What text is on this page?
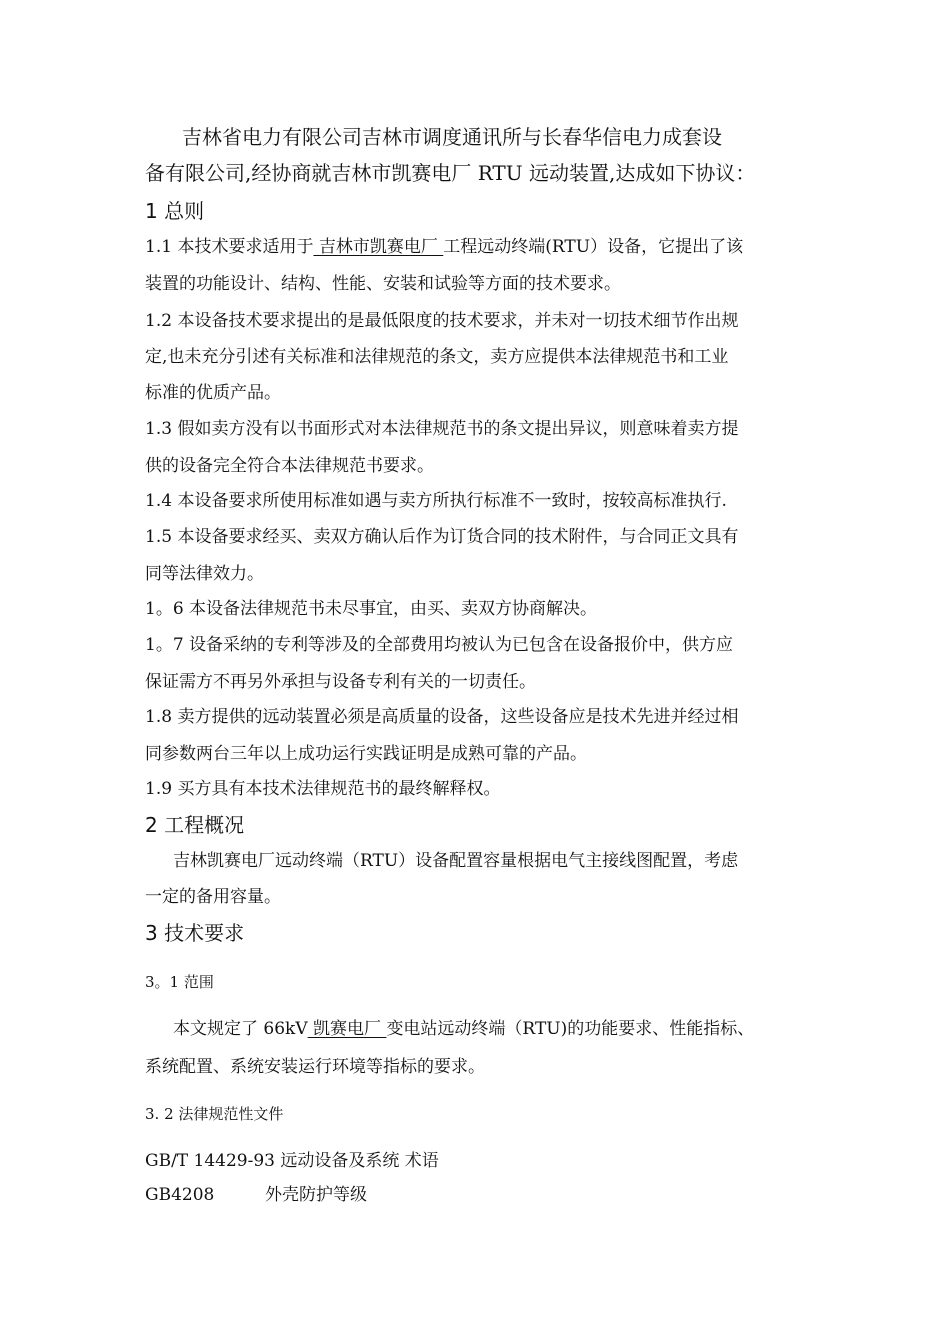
吉林省电力有限公司吉林市调度通讯所与长春华信电力成套设
备有限公司,经协商就吉林市凯赛电厂 RTU 远动装置,达成如下协议：
1 总则
1.1 本技术要求适用于 吉林市凯赛电厂 工程远动终端(RTU）设备，它提出了该
装置的功能设计、结构、性能、安装和试验等方面的技术要求。
1.2 本设备技术要求提出的是最低限度的技术要求，并未对一切技术细节作出规
定,也未充分引述有关标准和法律规范的条文，卖方应提供本法律规范书和工业
标准的优质产品。
1.3 假如卖方没有以书面形式对本法律规范书的条文提出异议，则意味着卖方提
供的设备完全符合本法律规范书要求。
1.4 本设备要求所使用标准如遇与卖方所执行标准不一致时，按较高标准执行.
1.5 本设备要求经买、卖双方确认后作为订货合同的技术附件，与合同正文具有
同等法律效力。
1。6 本设备法律规范书未尽事宜，由买、卖双方协商解决。
1。7 设备采纳的专利等涉及的全部费用均被认为已包含在设备报价中，供方应
保证需方不再另外承担与设备专利有关的一切责任。
1.8 卖方提供的远动装置必须是高质量的设备，这些设备应是技术先进并经过相
同参数两台三年以上成功运行实践证明是成熟可靠的产品。
1.9 买方具有本技术法律规范书的最终解释权。
2 工程概况
吉林凯赛电厂远动终端（RTU）设备配置容量根据电气主接线图配置，考虑
一定的备用容量。
3 技术要求
3。1 范围
本文规定了 66kV 凯赛电厂 变电站远动终端（RTU)的功能要求、性能指标、
系统配置、系统安装运行环境等指标的要求。
3. 2 法律规范性文件
GB/T 14429-93 远动设备及系统 术语
GB4208	外壳防护等级
